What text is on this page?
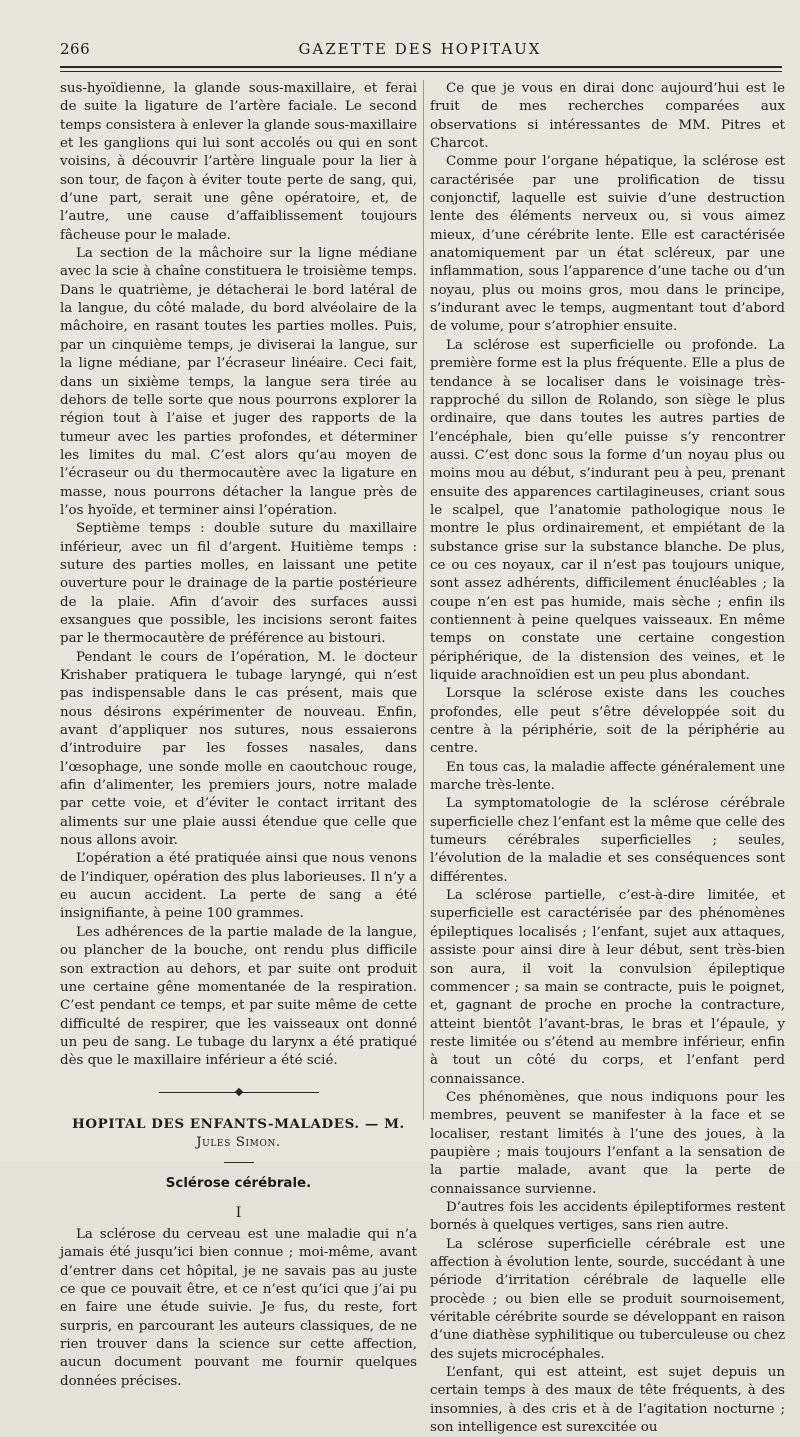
266	GAZETTE DES HOPITAUX

sus-hyoïdienne, la glande sous-maxillaire, et ferai de suite la ligature de l’artère faciale. Le second temps consistera à enlever la glande sous-maxillaire et les ganglions qui lui sont accolés ou qui en sont voisins, à découvrir l’artère linguale pour la lier à son tour, de façon à éviter toute perte de sang, qui, d’une part, serait une gêne opératoire, et, de l’autre, une cause d’affaiblissement toujours fâcheuse pour le malade.

La section de la mâchoire sur la ligne médiane avec la scie à chaîne constituera le troisième temps. Dans le quatrième, je détacherai le bord latéral de la langue, du côté malade, du bord alvéolaire de la mâchoire, en rasant toutes les parties molles. Puis, par un cinquième temps, je diviserai la langue, sur la ligne médiane, par l’écraseur linéaire. Ceci fait, dans un sixième temps, la langue sera tirée au dehors de telle sorte que nous pourrons explorer la région tout à l’aise et juger des rapports de la tumeur avec les parties profondes, et déterminer les limites du mal. C’est alors qu’au moyen de l’écraseur ou du thermocautère avec la ligature en masse, nous pourrons détacher la langue près de l’os hyoïde, et terminer ainsi l’opération.

Septième temps : double suture du maxillaire inférieur, avec un fil d’argent. Huitième temps : suture des parties molles, en laissant une petite ouverture pour le drainage de la partie postérieure de la plaie. Afin d’avoir des surfaces aussi exsangues que possible, les incisions seront faites par le thermocautère de préférence au bistouri.

Pendant le cours de l’opération, M. le docteur Krishaber pratiquera le tubage laryngé, qui n’est pas indispensable dans le cas présent, mais que nous désirons expérimenter de nouveau. Enfin, avant d’appliquer nos sutures, nous essaierons d’introduire par les fosses nasales, dans l’œsophage, une sonde molle en caoutchouc rouge, afin d’alimenter, les premiers jours, notre malade par cette voie, et d’éviter le contact irritant des aliments sur une plaie aussi étendue que celle que nous allons avoir.

L’opération a été pratiquée ainsi que nous venons de l’indiquer, opération des plus laborieuses. Il n’y a eu aucun accident. La perte de sang a été insignifiante, à peine 100 grammes.

Les adhérences de la partie malade de la langue, ou plancher de la bouche, ont rendu plus difficile son extraction au dehors, et par suite ont produit une certaine gêne momentanée de la respiration. C’est pendant ce temps, et par suite même de cette difficulté de respirer, que les vaisseaux ont donné un peu de sang. Le tubage du larynx a été pratiqué dès que le maxillaire inférieur a été scié.

HOPITAL DES ENFANTS-MALADES. — M. Jules Simon.
Sclérose cérébrale.
I

La sclérose du cerveau est une maladie qui n’a jamais été jusqu’ici bien connue ; moi-même, avant d’entrer dans cet hôpital, je ne savais pas au juste ce que ce pouvait être, et ce n’est qu’ici que j’ai pu en faire une étude suivie. Je fus, du reste, fort surpris, en parcourant les auteurs classiques, de ne rien trouver dans la science sur cette affection, aucun document pouvant me fournir quelques données précises.

Ce que je vous en dirai donc aujourd’hui est le fruit de mes recherches comparées aux observations si intéressantes de MM. Pitres et Charcot.

Comme pour l’organe hépatique, la sclérose est caractérisée par une prolification de tissu conjonctif, laquelle est suivie d’une destruction lente des éléments nerveux ou, si vous aimez mieux, d’une cérébrite lente. Elle est caractérisée anatomiquement par un état scléreux, par une inflammation, sous l’apparence d’une tache ou d’un noyau, plus ou moins gros, mou dans le principe, s’indurant avec le temps, augmentant tout d’abord de volume, pour s’atrophier ensuite.

La sclérose est superficielle ou profonde. La première forme est la plus fréquente. Elle a plus de tendance à se localiser dans le voisinage très-rapproché du sillon de Rolando, son siège le plus ordinaire, que dans toutes les autres parties de l’encéphale, bien qu’elle puisse s’y rencontrer aussi. C’est donc sous la forme d’un noyau plus ou moins mou au début, s’indurant peu à peu, prenant ensuite des apparences cartilagineuses, criant sous le scalpel, que l’anatomie pathologique nous le montre le plus ordinairement, et empiétant de la substance grise sur la substance blanche. De plus, ce ou ces noyaux, car il n’est pas toujours unique, sont assez adhérents, difficilement énucléables ; la coupe n’en est pas humide, mais sèche ; enfin ils contiennent à peine quelques vaisseaux. En même temps on constate une certaine congestion périphérique, de la distension des veines, et le liquide arachnoïdien est un peu plus abondant.

Lorsque la sclérose existe dans les couches profondes, elle peut s’être développée soit du centre à la périphérie, soit de la périphérie au centre.

En tous cas, la maladie affecte généralement une marche très-lente.

La symptomatologie de la sclérose cérébrale superficielle chez l’enfant est la même que celle des tumeurs cérébrales superficielles ; seules, l’évolution de la maladie et ses conséquences sont différentes.

La sclérose partielle, c’est-à-dire limitée, et superficielle est caractérisée par des phénomènes épileptiques localisés ; l’enfant, sujet aux attaques, assiste pour ainsi dire à leur début, sent très-bien son aura, il voit la convulsion épileptique commencer ; sa main se contracte, puis le poignet, et, gagnant de proche en proche la contracture, atteint bientôt l’avant-bras, le bras et l’épaule, y reste limitée ou s’étend au membre inférieur, enfin à tout un côté du corps, et l’enfant perd connaissance.

Ces phénomènes, que nous indiquons pour les membres, peuvent se manifester à la face et se localiser, restant limités à l’une des joues, à la paupière ; mais toujours l’enfant a la sensation de la partie malade, avant que la perte de connaissance survienne.

D’autres fois les accidents épileptiformes restent bornés à quelques vertiges, sans rien autre.

La sclérose superficielle cérébrale est une affection à évolution lente, sourde, succédant à une période d’irritation cérébrale de laquelle elle procède ; ou bien elle se produit sournoisement, véritable cérébrite sourde se développant en raison d’une diathèse syphilitique ou tuberculeuse ou chez des sujets microcéphales.

L’enfant, qui est atteint, est sujet depuis un certain temps à des maux de tête fréquents, à des insomnies, à des cris et à de l’agitation nocturne ; son intelligence est surexcitée ou
